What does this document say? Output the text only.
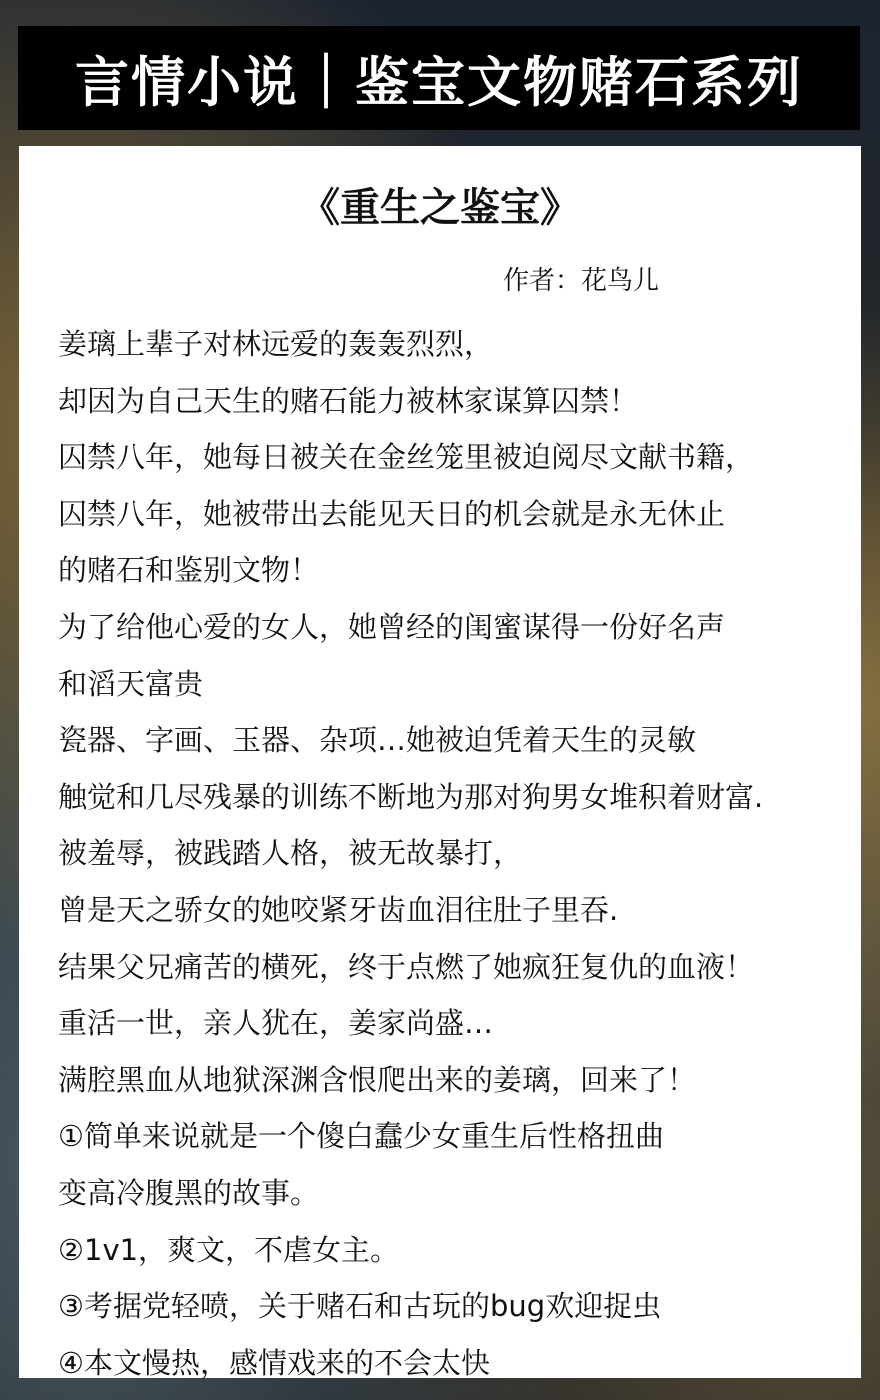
言情小说｜鉴宝文物赌石系列
《重生之鉴宝》
作者：花鸟儿
姜璃上辈子对林远爱的轰轰烈烈，
却因为自己天生的赌石能力被林家谋算囚禁！
囚禁八年，她每日被关在金丝笼里被迫阅尽文献书籍，
囚禁八年，她被带出去能见天日的机会就是永无休止
的赌石和鉴别文物！
为了给他心爱的女人，她曾经的闺蜜谋得一份好名声
和滔天富贵
瓷器、字画、玉器、杂项…她被迫凭着天生的灵敏
触觉和几尽残暴的训练不断地为那对狗男女堆积着财富.
被羞辱，被践踏人格，被无故暴打，
曾是天之骄女的她咬紧牙齿血泪往肚子里吞.
结果父兄痛苦的横死，终于点燃了她疯狂复仇的血液！
重活一世，亲人犹在，姜家尚盛…
满腔黑血从地狱深渊含恨爬出来的姜璃，回来了！
①简单来说就是一个傻白蠢少女重生后性格扭曲
变高冷腹黑的故事。
②1v1，爽文，不虐女主。
③考据党轻喷，关于赌石和古玩的bug欢迎捉虫
④本文慢热，感情戏来的不会太快
